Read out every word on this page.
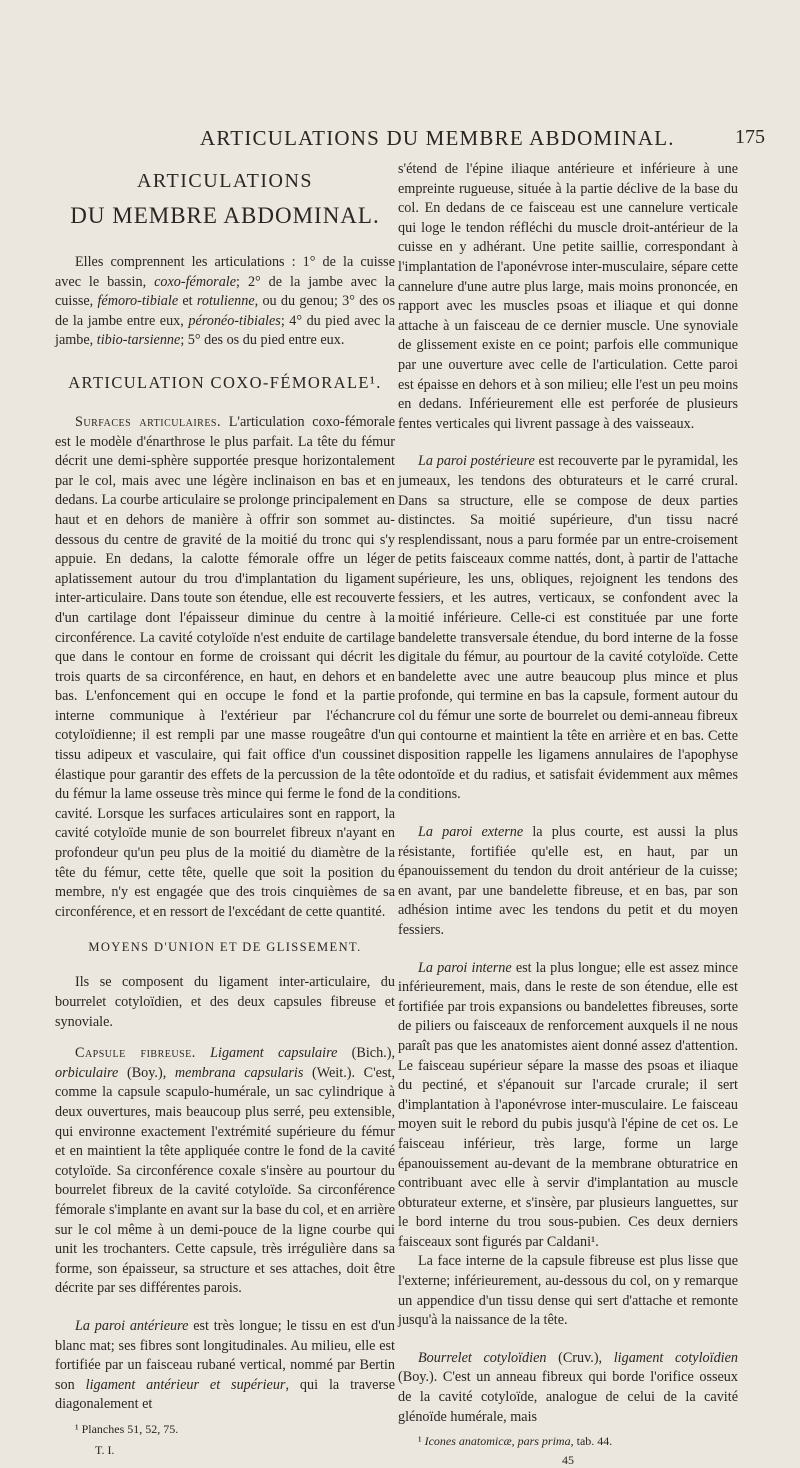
ARTICULATIONS DU MEMBRE ABDOMINAL.	175
ARTICULATIONS
DU MEMBRE ABDOMINAL.

Elles comprennent les articulations : 1° de la cuisse avec le bassin, coxo-fémorale; 2° de la jambe avec la cuisse, fémoro-tibiale et rotulienne, ou du genou; 3° des os de la jambe entre eux, péronéo-tibiales; 4° du pied avec la jambe, tibio-tarsienne; 5° des os du pied entre eux.

ARTICULATION COXO-FÉMORALE¹.

Surfaces articulaires. L'articulation coxo-fémorale est le modèle d'énarthrose le plus parfait. La tête du fémur décrit une demi-sphère supportée presque horizontalement par le col, mais avec une légère inclinaison en bas et en dedans. La courbe articulaire se prolonge principalement en haut et en dehors de manière à offrir son sommet au-dessous du centre de gravité de la moitié du tronc qui s'y appuie. En dedans, la calotte fémorale offre un léger aplatissement autour du trou d'implantation du ligament inter-articulaire. Dans toute son étendue, elle est recouverte d'un cartilage dont l'épaisseur diminue du centre à la circonférence. La cavité cotyloïde n'est enduite de cartilage que dans le contour en forme de croissant qui décrit les trois quarts de sa circonférence, en haut, en dehors et en bas. L'enfoncement qui en occupe le fond et la partie interne communique à l'extérieur par l'échancrure cotyloïdienne; il est rempli par une masse rougeâtre d'un tissu adipeux et vasculaire, qui fait office d'un coussinet élastique pour garantir des effets de la percussion de la tête du fémur la lame osseuse très mince qui ferme le fond de la cavité. Lorsque les surfaces articulaires sont en rapport, la cavité cotyloïde munie de son bourrelet fibreux n'ayant en profondeur qu'un peu plus de la moitié du diamètre de la tête du fémur, cette tête, quelle que soit la position du membre, n'y est engagée que des trois cinquièmes de sa circonférence, et en ressort de l'excédant de cette quantité.

MOYENS D'UNION ET DE GLISSEMENT.

Ils se composent du ligament inter-articulaire, du bourrelet cotyloïdien, et des deux capsules fibreuse et synoviale.

Capsule fibreuse. Ligament capsulaire (Bich.), orbiculaire (Boy.), membrana capsularis (Weit.). C'est, comme la capsule scapulo-humérale, un sac cylindrique à deux ouvertures, mais beaucoup plus serré, peu extensible, qui environne exactement l'extrémité supérieure du fémur et en maintient la tête appliquée contre le fond de la cavité cotyloïde. Sa circonférence coxale s'insère au pourtour du bourrelet fibreux de la cavité cotyloïde. Sa circonférence fémorale s'implante en avant sur la base du col, et en arrière sur le col même à un demi-pouce de la ligne courbe qui unit les trochanters. Cette capsule, très irrégulière dans sa forme, son épaisseur, sa structure et ses attaches, doit être décrite par ses différentes parois.

La paroi antérieure est très longue; le tissu en est d'un blanc mat; ses fibres sont longitudinales. Au milieu, elle est fortifiée par un faisceau rubané vertical, nommé par Bertin son ligament antérieur et supérieur, qui la traverse diagonalement et

¹ Planches 51, 52, 75.

T. I.

s'étend de l'épine iliaque antérieure et inférieure à une empreinte rugueuse, située à la partie déclive de la base du col. En dedans de ce faisceau est une cannelure verticale qui loge le tendon réfléchi du muscle droit-antérieur de la cuisse en y adhérant. Une petite saillie, correspondant à l'implantation de l'aponévrose inter-musculaire, sépare cette cannelure d'une autre plus large, mais moins prononcée, en rapport avec les muscles psoas et iliaque et qui donne attache à un faisceau de ce dernier muscle. Une synoviale de glissement existe en ce point; parfois elle communique par une ouverture avec celle de l'articulation. Cette paroi est épaisse en dehors et à son milieu; elle l'est un peu moins en dedans. Inférieurement elle est perforée de plusieurs fentes verticales qui livrent passage à des vaisseaux.

La paroi postérieure est recouverte par le pyramidal, les jumeaux, les tendons des obturateurs et le carré crural. Dans sa structure, elle se compose de deux parties distinctes. Sa moitié supérieure, d'un tissu nacré resplendissant, nous a paru formée par un entre-croisement de petits faisceaux comme nattés, dont, à partir de l'attache supérieure, les uns, obliques, rejoignent les tendons des fessiers, et les autres, verticaux, se confondent avec la moitié inférieure. Celle-ci est constituée par une forte bandelette transversale étendue, du bord interne de la fosse digitale du fémur, au pourtour de la cavité cotyloïde. Cette bandelette avec une autre beaucoup plus mince et plus profonde, qui termine en bas la capsule, forment autour du col du fémur une sorte de bourrelet ou demi-anneau fibreux qui contourne et maintient la tête en arrière et en bas. Cette disposition rappelle les ligamens annulaires de l'apophyse odontoïde et du radius, et satisfait évidemment aux mêmes conditions.

La paroi externe la plus courte, est aussi la plus résistante, fortifiée qu'elle est, en haut, par un épanouissement du tendon du droit antérieur de la cuisse; en avant, par une bandelette fibreuse, et en bas, par son adhésion intime avec les tendons du petit et du moyen fessiers.

La paroi interne est la plus longue; elle est assez mince inférieurement, mais, dans le reste de son étendue, elle est fortifiée par trois expansions ou bandelettes fibreuses, sorte de piliers ou faisceaux de renforcement auxquels il ne nous paraît pas que les anatomistes aient donné assez d'attention. Le faisceau supérieur sépare la masse des psoas et iliaque du pectiné, et s'épanouit sur l'arcade crurale; il sert d'implantation à l'aponévrose inter-musculaire. Le faisceau moyen suit le rebord du pubis jusqu'à l'épine de cet os. Le faisceau inférieur, très large, forme un large épanouissement au-devant de la membrane obturatrice en contribuant avec elle à servir d'implantation au muscle obturateur externe, et s'insère, par plusieurs languettes, sur le bord interne du trou sous-pubien. Ces deux derniers faisceaux sont figurés par Caldani¹.

La face interne de la capsule fibreuse est plus lisse que l'externe; inférieurement, au-dessous du col, on y remarque un appendice d'un tissu dense qui sert d'attache et remonte jusqu'à la naissance de la tête.

Bourrelet cotyloïdien (Cruv.), ligament cotyloïdien (Boy.). C'est un anneau fibreux qui borde l'orifice osseux de la cavité cotyloïde, analogue de celui de la cavité glénoïde humérale, mais

¹ Icones anatomicæ, pars prima, tab. 44.

45
